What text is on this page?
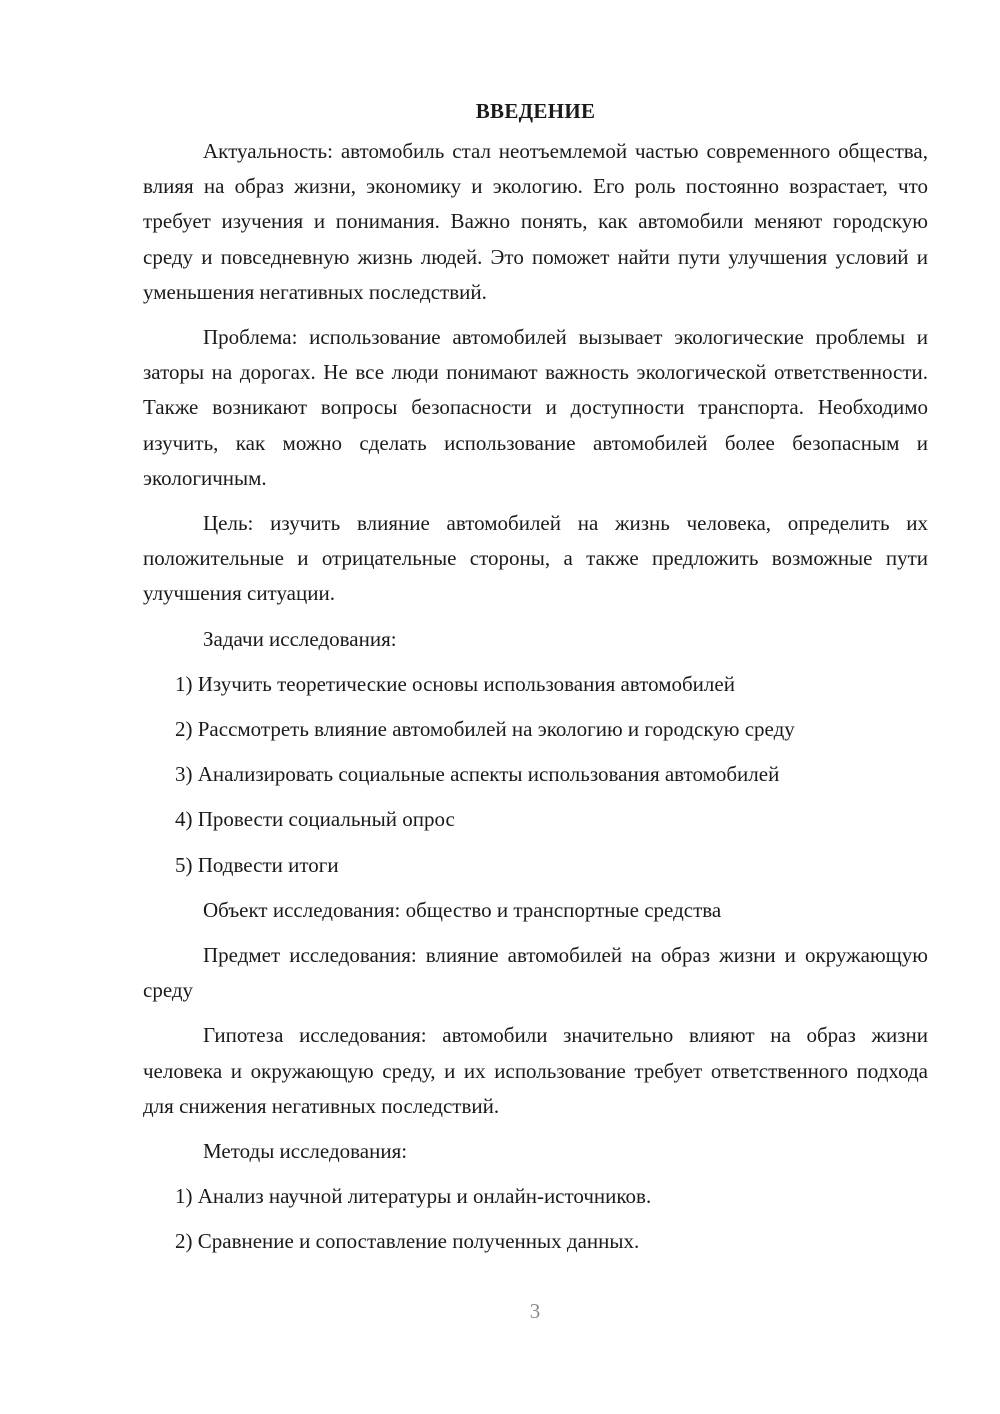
ВВЕДЕНИЕ

Актуальность: автомобиль стал неотъемлемой частью современного общества, влияя на образ жизни, экономику и экологию. Его роль постоянно возрастает, что требует изучения и понимания. Важно понять, как автомобили меняют городскую среду и повседневную жизнь людей. Это поможет найти пути улучшения условий и уменьшения негативных последствий.

Проблема: использование автомобилей вызывает экологические проблемы и заторы на дорогах. Не все люди понимают важность экологической ответственности. Также возникают вопросы безопасности и доступности транспорта. Необходимо изучить, как можно сделать использование автомобилей более безопасным и экологичным.

Цель: изучить влияние автомобилей на жизнь человека, определить их положительные и отрицательные стороны, а также предложить возможные пути улучшения ситуации.

Задачи исследования:
1) Изучить теоретические основы использования автомобилей
2) Рассмотреть влияние автомобилей на экологию и городскую среду
3) Анализировать социальные аспекты использования автомобилей
4) Провести социальный опрос
5) Подвести итоги
Объект исследования: общество и транспортные средства

Предмет исследования: влияние автомобилей на образ жизни и окружающую среду

Гипотеза исследования: автомобили значительно влияют на образ жизни человека и окружающую среду, и их использование требует ответственного подхода для снижения негативных последствий.

Методы исследования:
1) Анализ научной литературы и онлайн-источников.
2) Сравнение и сопоставление полученных данных.
3
